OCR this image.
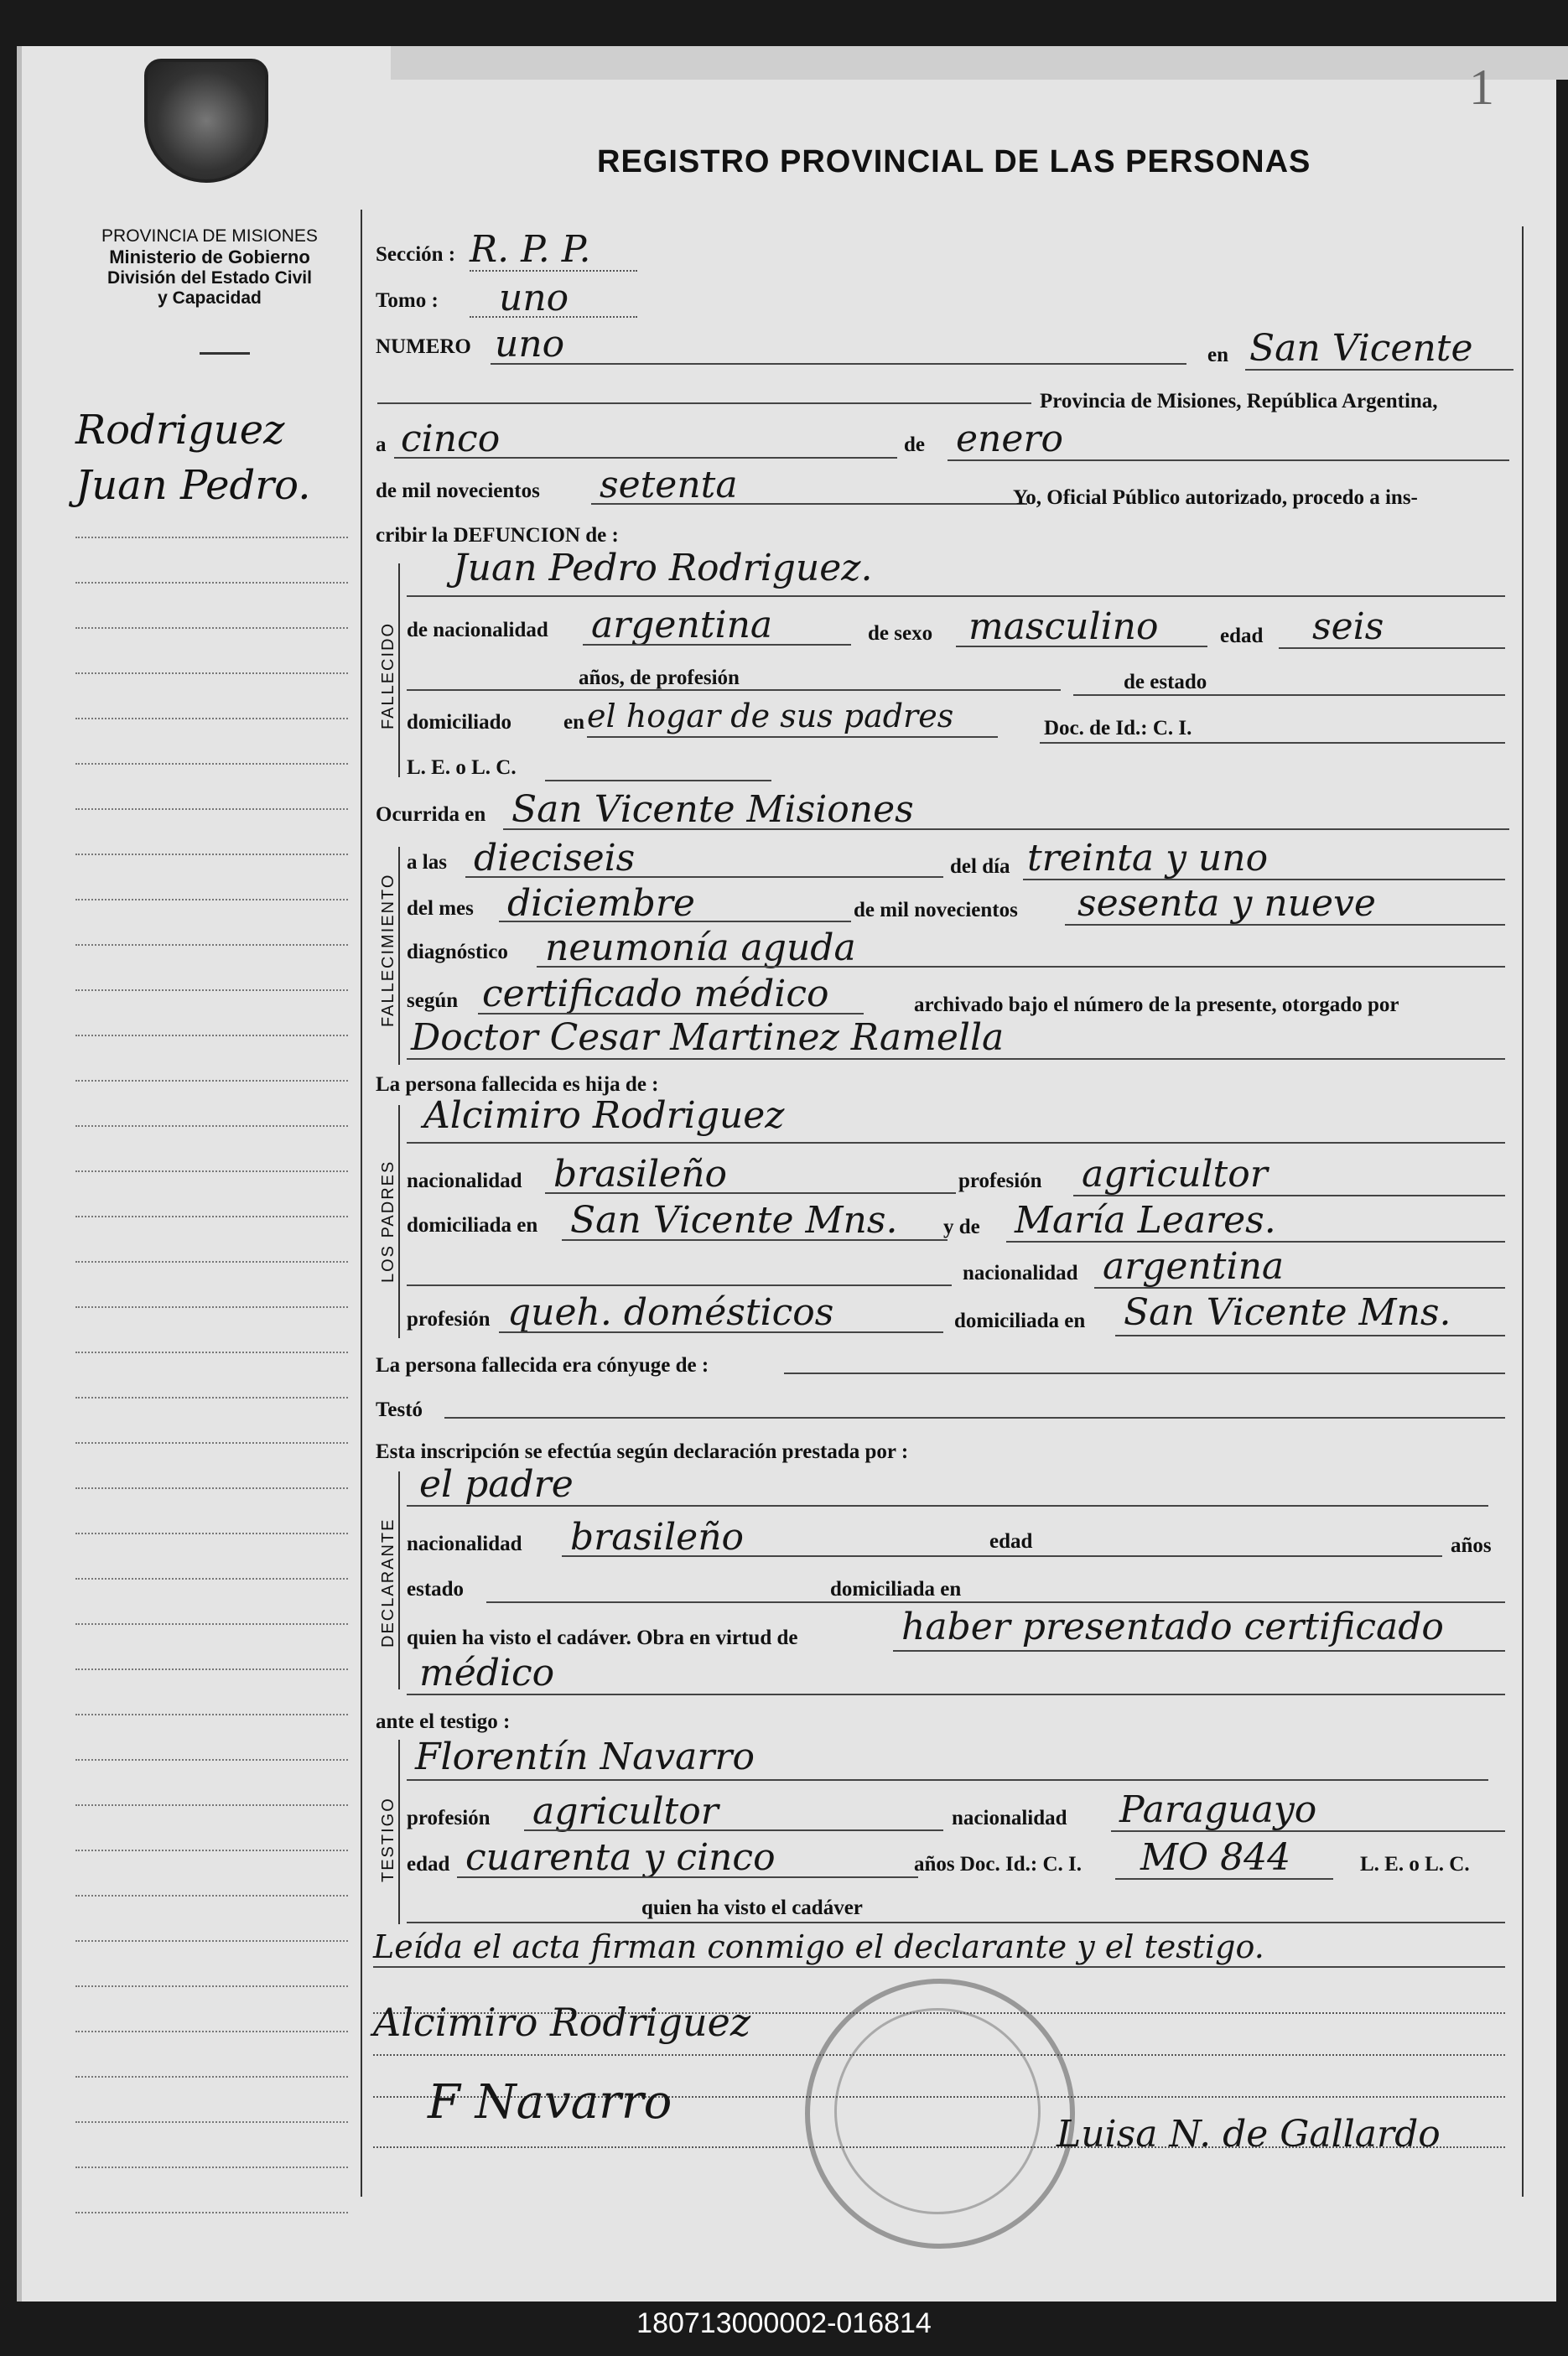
1
PROVINCIA DE MISIONES
Ministerio de Gobierno
División del Estado Civil
y Capacidad
Rodriguez
Juan Pedro.
REGISTRO PROVINCIAL DE LAS PERSONAS
Sección : R. P. P.
Tomo : uno
NUMERO uno	en San Vicente
Provincia de Misiones, República Argentina,
a cinco	de enero
de mil novecientos setenta	Yo, Oficial Público autorizado, procedo a ins-
cribir la DEFUNCION de :
FALLECIDO
Juan Pedro Rodriguez.
de nacionalidad argentina	de sexo masculino	edad seis
años, de profesión	de estado
domiciliado en el hogar de sus padres	Doc. de Id.: C. I.
L. E. o L. C.
Ocurrida en San Vicente Misiones
FALLECIMIENTO
a las dieciseis	del día treinta y uno
del mes diciembre	de mil novecientos sesenta y nueve
diagnóstico neumonía aguda
según certificado médico	archivado bajo el número de la presente, otorgado por
Doctor Cesar Martinez Ramella
La persona fallecida es hija de :
LOS PADRES
Alcimiro Rodriguez
nacionalidad brasileño	profesión agricultor
domiciliada en San Vicente Mns. y de María Leares.
nacionalidad argentina
profesión queh. domésticos	domiciliada en San Vicente Mns.
La persona fallecida era cónyuge de :
Testó
Esta inscripción se efectúa según declaración prestada por :
DECLARANTE
el padre
nacionalidad brasileño	edad	años
estado	domiciliada en
quien ha visto el cadáver. Obra en virtud de	haber presentado certificado
médico
ante el testigo :
TESTIGO
Florentín Navarro
profesión agricultor	nacionalidad Paraguayo
edad cuarenta y cinco	años Doc. Id.: C. I. MO 844	L. E. o L. C.
quien ha visto el cadáver
Leída el acta firman conmigo el declarante y el testigo.
Alcimiro Rodriguez
F Navarro
Luisa N. de Gallardo
180713000002-016814
